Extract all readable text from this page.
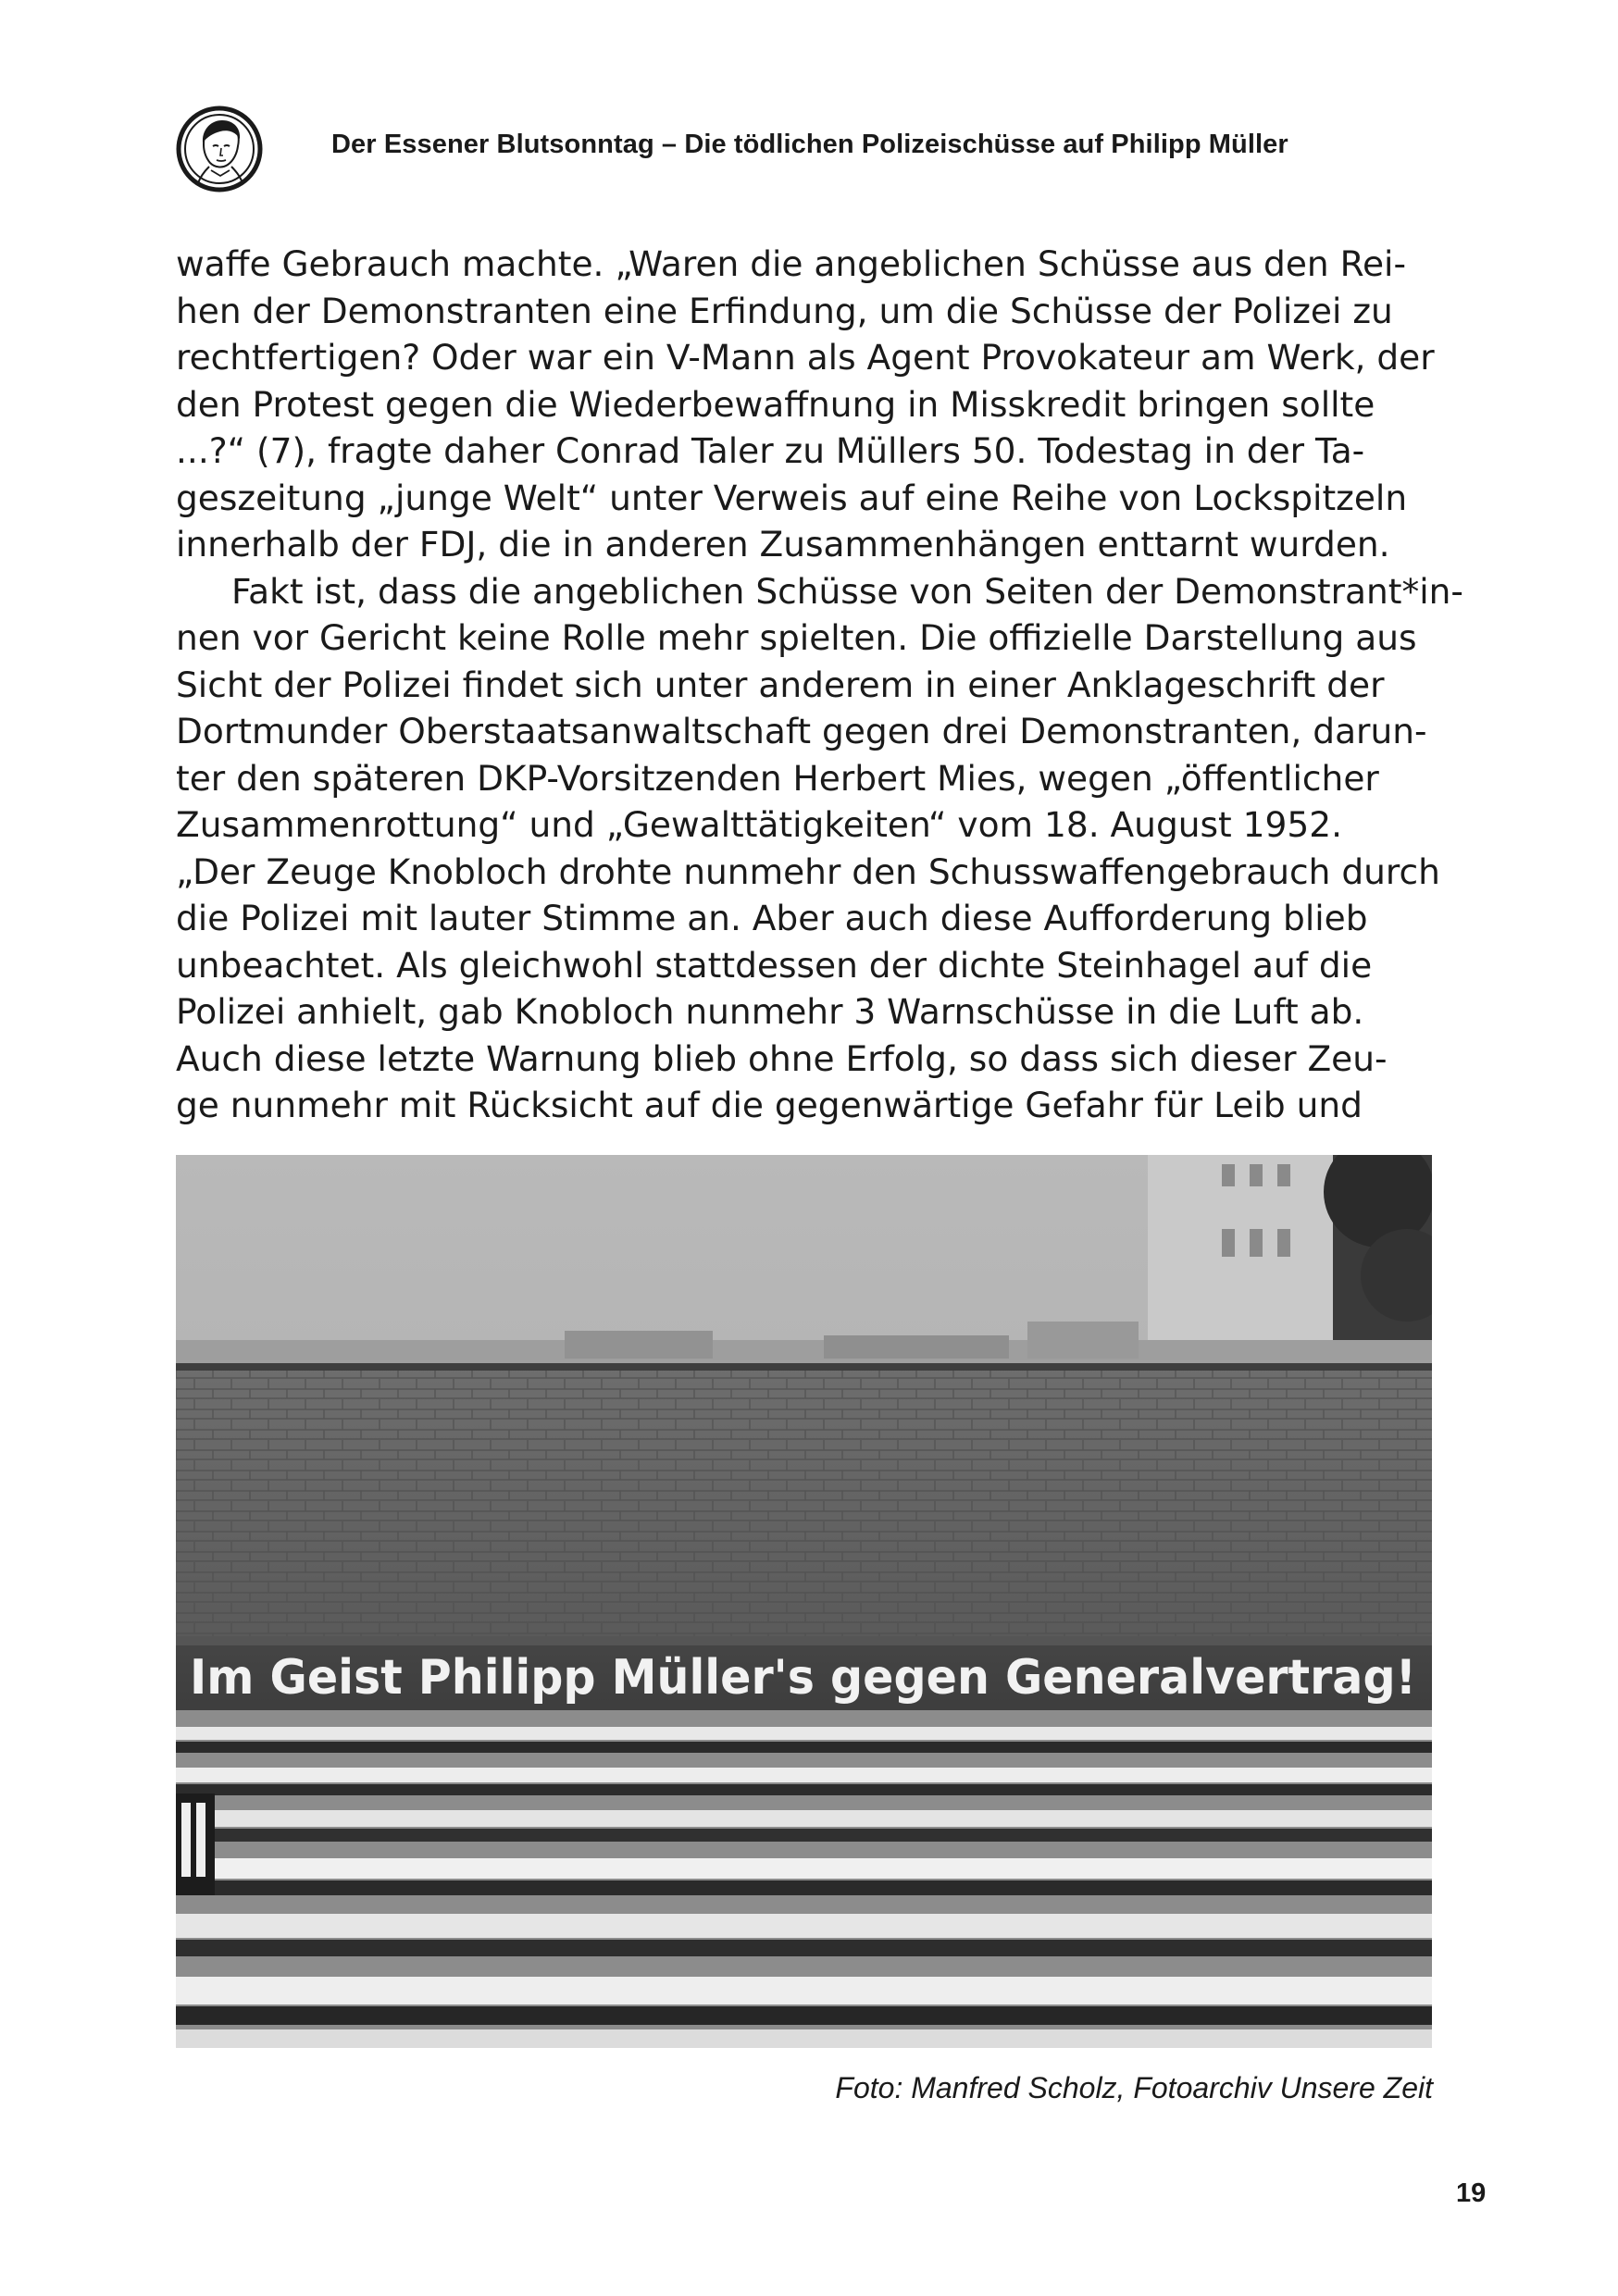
Der Essener Blutsonntag – Die tödlichen Polizeischüsse auf Philipp Müller
waffe Gebrauch machte. „Waren die angeblichen Schüsse aus den Rei-
hen der Demonstranten eine Erfindung, um die Schüsse der Polizei zu
rechtfertigen? Oder war ein V-Mann als Agent Provokateur am Werk, der
den Protest gegen die Wiederbewaffnung in Misskredit bringen sollte
...?“ (7), fragte daher Conrad Taler zu Müllers 50. Todestag in der Ta-
geszeitung „junge Welt“ unter Verweis auf eine Reihe von Lockspitzeln
innerhalb der FDJ, die in anderen Zusammenhängen enttarnt wurden.
Fakt ist, dass die angeblichen Schüsse von Seiten der Demonstrant*in-
nen vor Gericht keine Rolle mehr spielten. Die offizielle Darstellung aus
Sicht der Polizei findet sich unter anderem in einer Anklageschrift der
Dortmunder Oberstaatsanwaltschaft gegen drei Demonstranten, darun-
ter den späteren DKP-Vorsitzenden Herbert Mies, wegen „öffentlicher
Zusammenrottung“ und „Gewalttätigkeiten“ vom 18. August 1952.
„Der Zeuge Knobloch drohte nunmehr den Schusswaffengebrauch durch
die Polizei mit lauter Stimme an. Aber auch diese Aufforderung blieb
unbeachtet. Als gleichwohl stattdessen der dichte Steinhagel auf die
Polizei anhielt, gab Knobloch nunmehr 3 Warnschüsse in die Luft ab.
Auch diese letzte Warnung blieb ohne Erfolg, so dass sich dieser Zeu-
ge nunmehr mit Rücksicht auf die gegenwärtige Gefahr für Leib und
Im Geist Philipp Müller's gegen Generalvertrag!
Foto: Manfred Scholz, Fotoarchiv Unsere Zeit
19
